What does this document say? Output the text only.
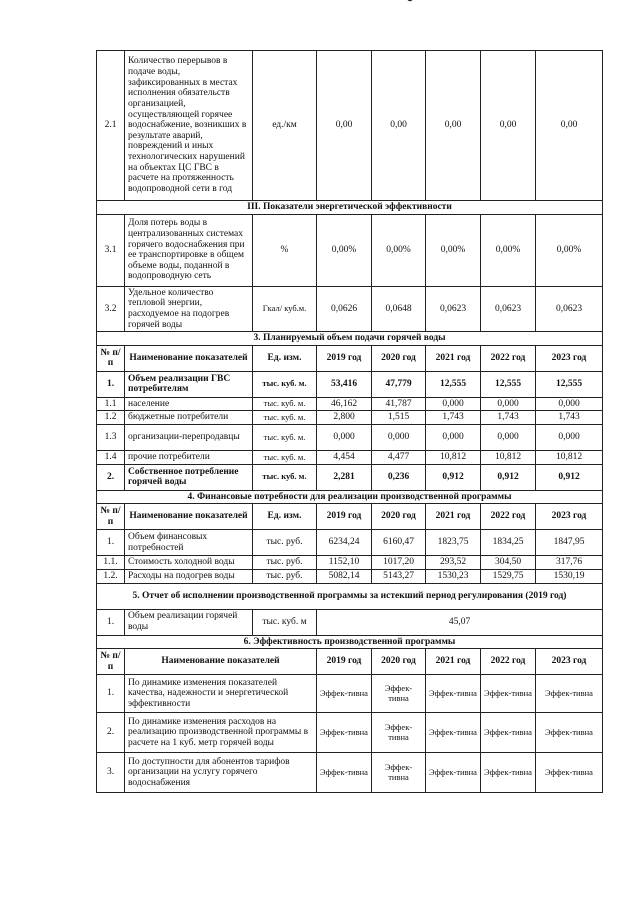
2.1	Количество перерывов в подаче воды, зафиксированных в местах исполнения обязательств организацией, осуществляющей горячее водоснабжение, возникших в результате аварий, повреждений и иных технологических нарушений на объектах ЦС ГВС в расчете на протяженность водопроводной сети в год	ед./км	0,00	0,00	0,00	0,00	0,00
III. Показатели энергетической эффективности							
3.1	Доля потерь воды в централизованных системах горячего водоснабжения при ее транспортировке в общем объеме воды, поданной в водопроводную сеть	%	0,00%	0,00%	0,00%	0,00%	0,00%
3.2	Удельное количество тепловой энергии, расходуемое на подогрев горячей воды	Гкал/ куб.м.	0,0626	0,0648	0,0623	0,0623	0,0623
3. Планируемый объем подачи горячей воды							
№ п/п	Наименование показателей	Ед. изм.	2019 год	2020 год	2021 год	2022 год	2023 год
1.	Объем реализации ГВС потребителям	тыс. куб. м.	53,416	47,779	12,555	12,555	12,555
1.1	население	тыс. куб. м.	46,162	41,787	0,000	0,000	0,000
1.2	бюджетные потребители	тыс. куб. м.	2,800	1,515	1,743	1,743	1,743
1.3	организации-перепродавцы	тыс. куб. м.	0,000	0,000	0,000	0,000	0,000
1.4	прочие потребители	тыс. куб. м.	4,454	4,477	10,812	10,812	10,812
2.	Собственное потребление горячей воды	тыс. куб. м.	2,281	0,236	0,912	0,912	0,912
4. Финансовые потребности для реализации производственной программы							
№ п/п	Наименование показателей	Ед. изм.	2019 год	2020 год	2021 год	2022 год	2023 год
1.	Объем финансовых потребностей	тыс. руб.	6234,24	6160,47	1823,75	1834,25	1847,95
1.1.	Стоимость холодной воды	тыс. руб.	1152,10	1017,20	293,52	304,50	317,76
1.2.	Расходы на подогрев воды	тыс. руб.	5082,14	5143,27	1530,23	1529,75	1530,19
5. Отчет об исполнении производственной программы за истекший период регулирования (2019 год)							
1.	Объем реализации горячей воды	тыс. куб. м	45,07				
6. Эффективность производственной программы							
№ п/п	Наименование показателей		2019 год	2020 год	2021 год	2022 год	2023 год
1.	По динамике изменения показателей качества, надежности и энергетической эффективности		Эффек-тивна	Эффек-тивна	Эффек-тивна	Эффек-тивна	Эффек-тивна
2.	По динамике изменения расходов на реализацию производственной программы в расчете на 1 куб. метр горячей воды		Эффек-тивна	Эффек-тивна	Эффек-тивна	Эффек-тивна	Эффек-тивна
3.	По доступности для абонентов тарифов организации на услугу горячего водоснабжения		Эффек-тивна	Эффек-тивна	Эффек-тивна	Эффек-тивна	Эффек-тивна
